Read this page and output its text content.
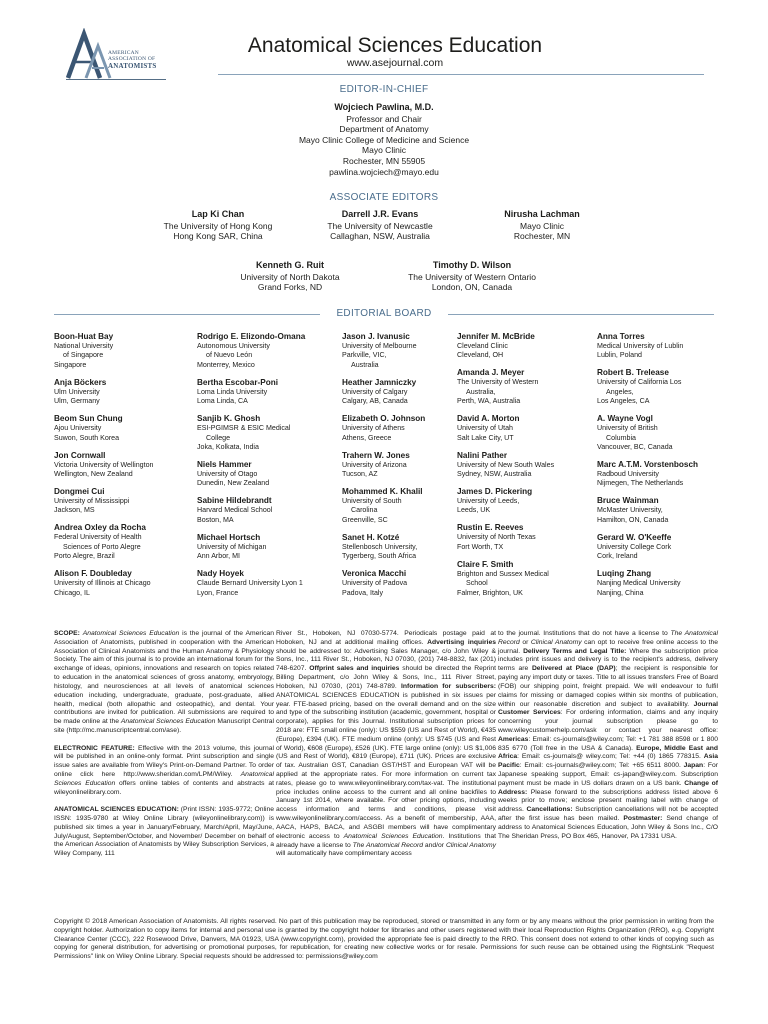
AMERICAN
ASSOCIATION OF
ANATOMISTS
Anatomical Sciences Education
www.asejournal.com
EDITOR-IN-CHIEF
Wojciech Pawlina, M.D.
Professor and Chair
Department of Anatomy
Mayo Clinic College of Medicine and Science
Mayo Clinic
Rochester, MN 55905
pawlina.wojciech@mayo.edu
ASSOCIATE EDITORS
Lap Ki Chan
The University of Hong Kong
Hong Kong SAR, China
Darrell J.R. Evans
The University of Newcastle
Callaghan, NSW, Australia
Nirusha Lachman
Mayo Clinic
Rochester, MN
Kenneth G. Ruit
University of North Dakota
Grand Forks, ND
Timothy D. Wilson
The University of Western Ontario
London, ON, Canada
EDITORIAL BOARD
Boon-Huat Bay
National University
of Singapore
Singapore
Anja Böckers
Ulm University
Ulm, Germany
Beom Sun Chung
Ajou University
Suwon, South Korea
Jon Cornwall
Victoria University of Wellington
Wellington, New Zealand
Dongmei Cui
University of Mississippi
Jackson, MS
Andrea Oxley da Rocha
Federal University of Health
Sciences of Porto Alegre
Porto Alegre, Brazil
Alison F. Doubleday
University of Illinois at Chicago
Chicago, IL
Rodrigo E. Elizondo-Omana
Autonomous University
of Nuevo León
Monterrey, Mexico
Bertha Escobar-Poni
Loma Linda University
Loma Linda, CA
Sanjib K. Ghosh
ESI-PGIMSR & ESIC Medical
College
Joka, Kolkata, India
Niels Hammer
University of Otago
Dunedin, New Zealand
Sabine Hildebrandt
Harvard Medical School
Boston, MA
Michael Hortsch
University of Michigan
Ann Arbor, MI
Nady Hoyek
Claude Bernard University Lyon 1
Lyon, France
Jason J. Ivanusic
University of Melbourne
Parkville, VIC,
Australia
Heather Jamniczky
University of Calgary
Calgary, AB, Canada
Elizabeth O. Johnson
University of Athens
Athens, Greece
Trahern W. Jones
University of Arizona
Tucson, AZ
Mohammed K. Khalil
University of South
Carolina
Greenville, SC
Sanet H. Kotzé
Stellenbosch University,
Tygerberg, South Africa
Veronica Macchi
University of Padova
Padova, Italy
Jennifer M. McBride
Cleveland Clinic
Cleveland, OH
Amanda J. Meyer
The University of Western
Australia,
Perth, WA, Australia
David A. Morton
University of Utah
Salt Lake City, UT
Nalini Pather
University of New South Wales
Sydney, NSW, Australia
James D. Pickering
University of Leeds,
Leeds, UK
Rustin E. Reeves
University of North Texas
Fort Worth, TX
Claire F. Smith
Brighton and Sussex Medical
School
Falmer, Brighton, UK
Anna Torres
Medical University of Lublin
Lublin, Poland
Robert B. Trelease
University of California Los
Angeles,
Los Angeles, CA
A. Wayne Vogl
University of British
Columbia
Vancouver, BC, Canada
Marc A.T.M. Vorstenbosch
Radboud University
Nijmegen, The Netherlands
Bruce Wainman
McMaster University,
Hamilton, ON, Canada
Gerard W. O'Keeffe
University College Cork
Cork, Ireland
Luqing Zhang
Nanjing Medical University
Nanjing, China

SCOPE: Anatomical Sciences Education is the journal of the American Association of Anatomists, published in cooperation with the American Association of Clinical Anatomists and the Human Anatomy & Physiology Society. The aim of this journal is to provide an international forum for the exchange of ideas, opinions, innovations and research on topics related to education in the anatomical sciences of gross anatomy, embryology, histology, and neurosciences at all levels of anatomical sciences education including, undergraduate, graduate, post-graduate, allied health, medical (both allopathic and osteopathic), and dental. Your contributions are invited for publication. All submissions are required to be made online at the Anatomical Sciences Education Manuscript Central site (http://mc.manuscriptcentral.com/ase).

ELECTRONIC FEATURE: Effective with the 2013 volume, this journal will be published in an online-only format. Print subscription and single issue sales are available from Wiley's Print-on-Demand Partner. To order online click here http://www.sheridan.com/LPM/Wiley. Anatomical Sciences Education offers online tables of contents and abstracts at wileyonlinelibrary.com.

ANATOMICAL SCIENCES EDUCATION: (Print ISSN: 1935-9772; Online ISSN: 1935-9780 at Wiley Online Library (wileyonlinelibrary.com)) is published six times a year in January/February, March/April, May/June, July/August, September/October, and November/ December on behalf of the American Association of Anatomists by Wiley Subscription Services, a Wiley Company, 111

River St., Hoboken, NJ 07030-5774. Periodicals postage paid at Hoboken, NJ and at additional mailing offices. Advertising inquiries should be addressed to: Advertising Sales Manager, c/o John Wiley & Sons, Inc., 111 River St., Hoboken, NJ 07030, (201) 748-8832, fax (201) 748-6207. Offprint sales and inquiries should be directed the Reprint Billing Department, c/o John Wiley & Sons, Inc., 111 River Street, Hoboken, NJ 07030, (201) 748-8789. Information for subscribers: ANATOMICAL SCIENCES EDUCATION is published in six issues per year. FTE-based pricing, based on the overall demand and on the size and type of the subscribing institution (academic, government, hospital or corporate), applies for this Journal. Institutional subscription prices for 2018 are: FTE small online (only): US $559 (US and Rest of World), €435 (Europe), £394 (UK). FTE medium online (only): US $745 (US and Rest of World), €608 (Europe), £526 (UK). FTE large online (only): US $1,006 (US and Rest of World), €819 (Europe), £711 (UK). Prices are exclusive of tax. Australian GST, Canadian GST/HST and European VAT will be applied at the appropriate rates. For more information on current tax rates, please go to www.wileyonlinelibrary.com/tax-vat. The institutional price includes online access to the current and all online backfiles to January 1st 2014, where available. For other pricing options, including access information and terms and conditions, please visit www.wileyonlinelibrary.com/access. As a benefit of membership, AAA, AACA, HAPS, BACA, and ASGBI members will have complimentary electronic access to Anatomical Sciences Education. Institutions that already have a license to The Anatomical Record and/or Clinical Anatomy will automatically have complimentary access

to the journal. Institutions that do not have a license to The Anatomical Record or Clinical Anatomy can opt to receive free online access to the journal. Delivery Terms and Legal Title: Where the subscription price includes print issues and delivery is to the recipient's address, delivery terms are Delivered at Place (DAP); the recipient is responsible for paying any import duty or taxes. Title to all issues transfers Free of Board (FOB) our shipping point, freight prepaid. We will endeavour to fulfil claims for missing or damaged copies within six months of publication, within our reasonable discretion and subject to availability. Journal Customer Services: For ordering information, claims and any inquiry concerning your journal subscription please go to www.wileycustomerhelp.com/ask or contact your nearest office: Americas: Email: cs-journals@wiley.com; Tel: +1 781 388 8598 or 1 800 835 6770 (Toll free in the USA & Canada). Europe, Middle East and Africa: Email: cs-journals@ wiley.com; Tel: +44 (0) 1865 778315. Asia Pacific: Email: cs-journals@wiley.com; Tel: +65 6511 8000. Japan: For Japanese speaking support, Email: cs-japan@wiley.com. Subscription payment must be made in US dollars drawn on a US bank. Change of Address: Please forward to the subscriptions address listed above 6 weeks prior to move; enclose present mailing label with change of address. Cancellations: Subscription cancellations will not be accepted after the first issue has been mailed. Postmaster: Send change of address to Anatomical Sciences Education, John Wiley & Sons Inc., C/O The Sheridan Press, PO Box 465, Hanover, PA 17331 USA.

Copyright © 2018 American Association of Anatomists. All rights reserved. No part of this publication may be reproduced, stored or transmitted in any form or by any means without the prior permission in writing from the copyright holder. Authorization to copy items for internal and personal use is granted by the copyright holder for libraries and other users registered with their local Reproduction Rights Organization (RRO), e.g. Copyright Clearance Center (CCC), 222 Rosewood Drive, Danvers, MA 01923, USA (www.copyright.com), provided the appropriate fee is paid directly to the RRO. This consent does not extend to other kinds of copying such as copying for general distribution, for advertising or promotional purposes, for republication, for creating new collective works or for resale. Permissions for such reuse can be obtained using the RightsLink "Request Permissions" link on Wiley Online Library. Special requests should be addressed to: permissions@wiley.com
